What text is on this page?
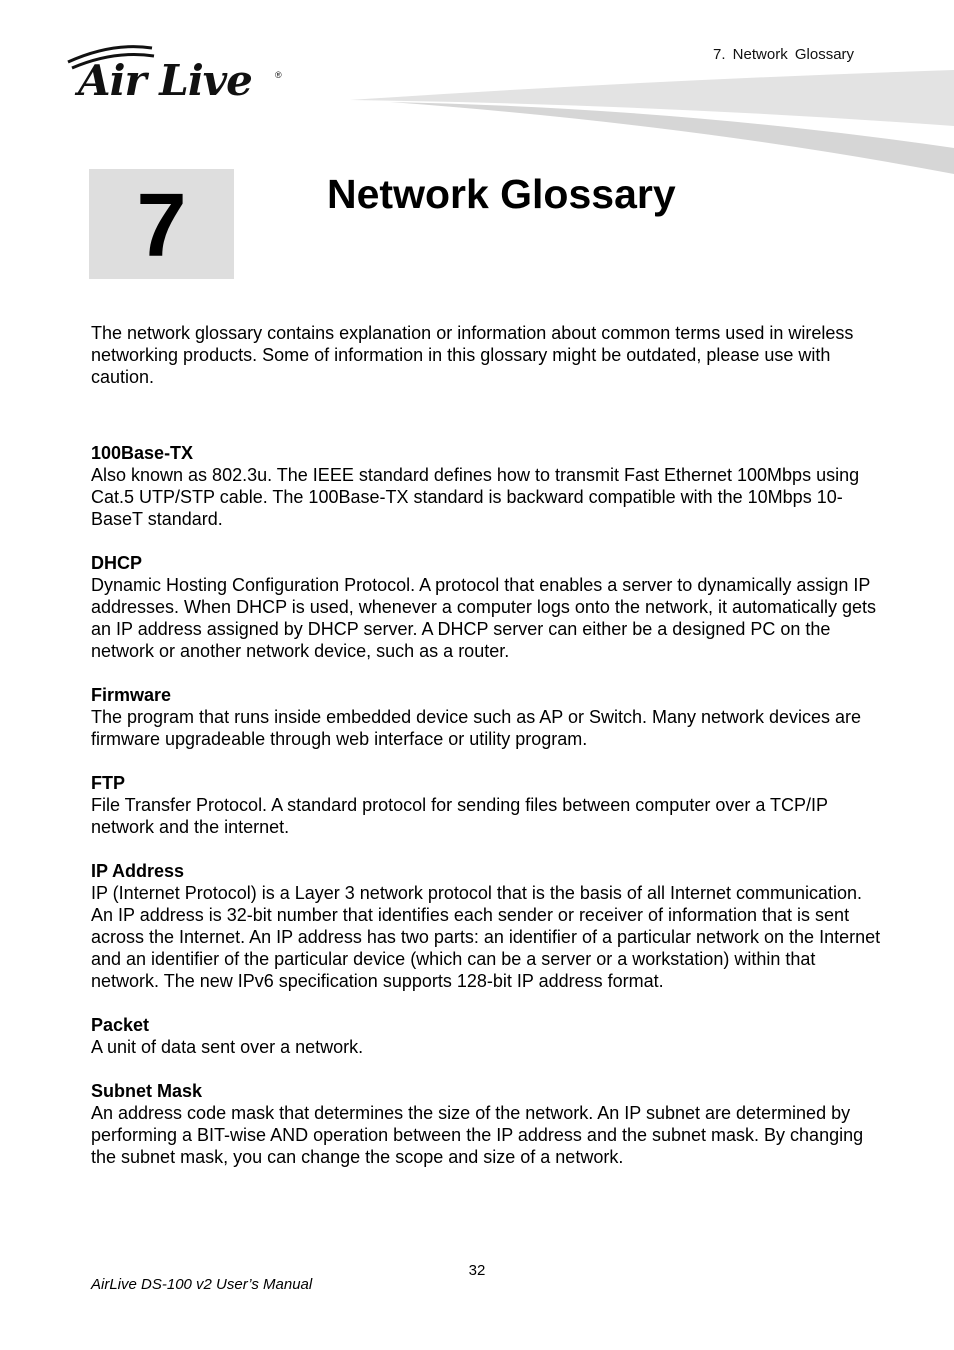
7. Network Glossary
Air Live	®
7	Network Glossary

The network glossary contains explanation or information about common terms used in wireless networking products. Some of information in this glossary might be outdated, please use with caution.

100Base-TX

Also known as 802.3u. The IEEE standard defines how to transmit Fast Ethernet 100Mbps using Cat.5 UTP/STP cable. The 100Base-TX standard is backward compatible with the 10Mbps 10-BaseT standard.

DHCP

Dynamic Hosting Configuration Protocol. A protocol that enables a server to dynamically assign IP addresses. When DHCP is used, whenever a computer logs onto the network, it automatically gets an IP address assigned by DHCP server. A DHCP server can either be a designed PC on the network or another network device, such as a router.

Firmware

The program that runs inside embedded device such as AP or Switch. Many network devices are firmware upgradeable through web interface or utility program.

FTP

File Transfer Protocol. A standard protocol for sending files between computer over a TCP/IP network and the internet.

IP Address

IP (Internet Protocol) is a Layer 3 network protocol that is the basis of all Internet communication. An IP address is 32-bit number that identifies each sender or receiver of information that is sent across the Internet. An IP address has two parts: an identifier of a particular network on the Internet and an identifier of the particular device (which can be a server or a workstation) within that network. The new IPv6 specification supports 128-bit IP address format.

Packet

A unit of data sent over a network.

Subnet Mask

An address code mask that determines the size of the network. An IP subnet are determined by performing a BIT-wise AND operation between the IP address and the subnet mask. By changing the subnet mask, you can change the scope and size of a network.

32
AirLive DS-100 v2 User’s Manual
